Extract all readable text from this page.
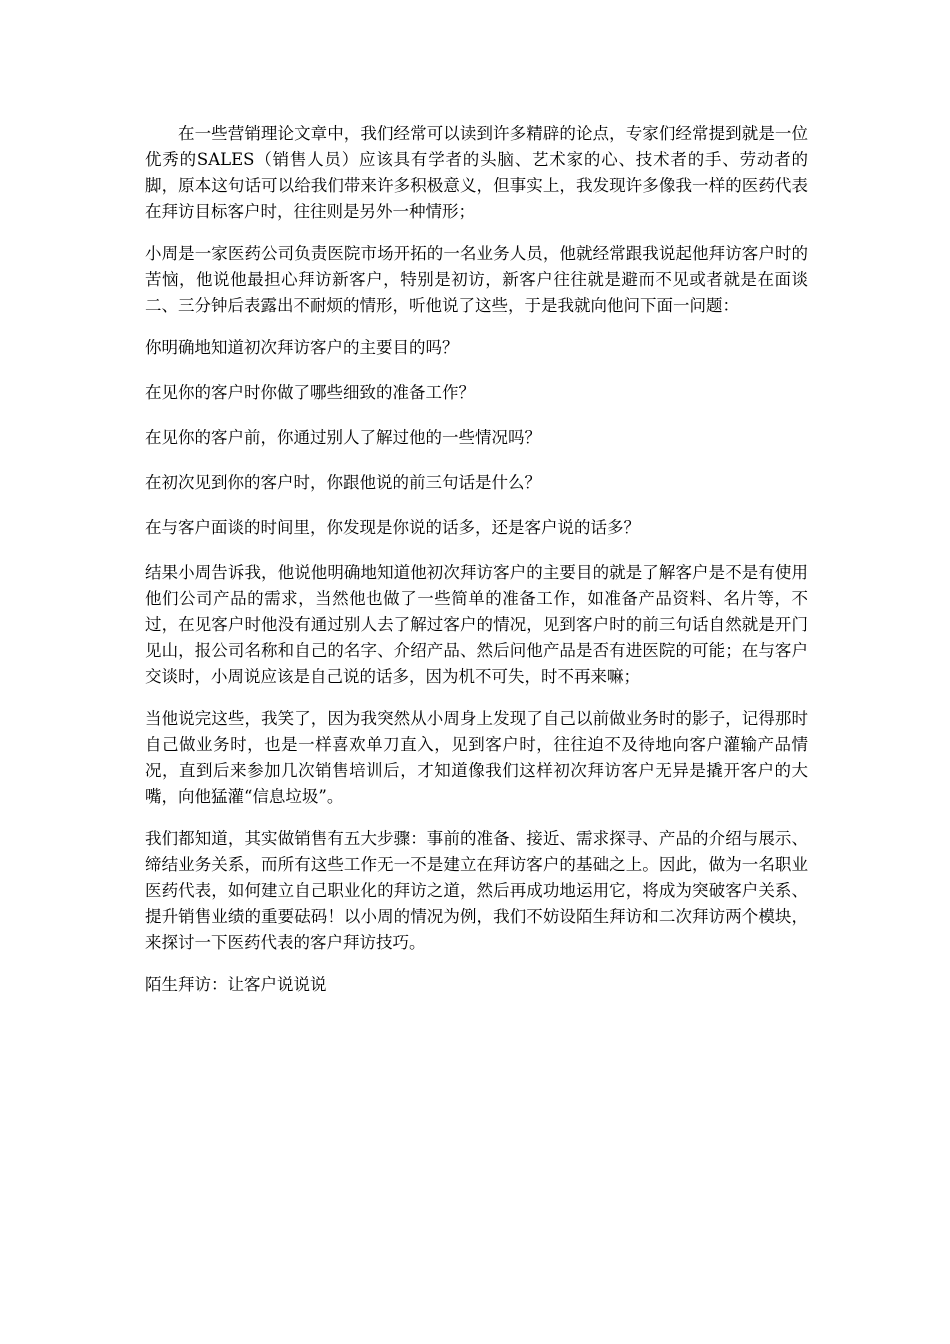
在一些营销理论文章中，我们经常可以读到许多精辟的论点，专家们经常提到就是一位优秀的SALES（销售人员）应该具有学者的头脑、艺术家的心、技术者的手、劳动者的脚，原本这句话可以给我们带来许多积极意义，但事实上，我发现许多像我一样的医药代表在拜访目标客户时，往往则是另外一种情形；

小周是一家医药公司负责医院市场开拓的一名业务人员，他就经常跟我说起他拜访客户时的苦恼，他说他最担心拜访新客户，特别是初访，新客户往往就是避而不见或者就是在面谈二、三分钟后表露出不耐烦的情形，听他说了这些，于是我就向他问下面一问题：

你明确地知道初次拜访客户的主要目的吗？

在见你的客户时你做了哪些细致的准备工作？

在见你的客户前，你通过别人了解过他的一些情况吗？

在初次见到你的客户时，你跟他说的前三句话是什么？

在与客户面谈的时间里，你发现是你说的话多，还是客户说的话多？

结果小周告诉我，他说他明确地知道他初次拜访客户的主要目的就是了解客户是不是有使用他们公司产品的需求，当然他也做了一些简单的准备工作，如准备产品资料、名片等，不过，在见客户时他没有通过别人去了解过客户的情况，见到客户时的前三句话自然就是开门见山，报公司名称和自己的名字、介绍产品、然后问他产品是否有进医院的可能；在与客户交谈时，小周说应该是自己说的话多，因为机不可失，时不再来嘛；

当他说完这些，我笑了，因为我突然从小周身上发现了自己以前做业务时的影子，记得那时自己做业务时，也是一样喜欢单刀直入，见到客户时，往往迫不及待地向客户灌输产品情况，直到后来参加几次销售培训后，才知道像我们这样初次拜访客户无异是撬开客户的大嘴，向他猛灌“信息垃圾”。

我们都知道，其实做销售有五大步骤：事前的准备、接近、需求探寻、产品的介绍与展示、缔结业务关系，而所有这些工作无一不是建立在拜访客户的基础之上。因此，做为一名职业医药代表，如何建立自己职业化的拜访之道，然后再成功地运用它，将成为突破客户关系、提升销售业绩的重要砝码！以小周的情况为例，我们不妨设陌生拜访和二次拜访两个模块，来探讨一下医药代表的客户拜访技巧。

陌生拜访：让客户说说说
